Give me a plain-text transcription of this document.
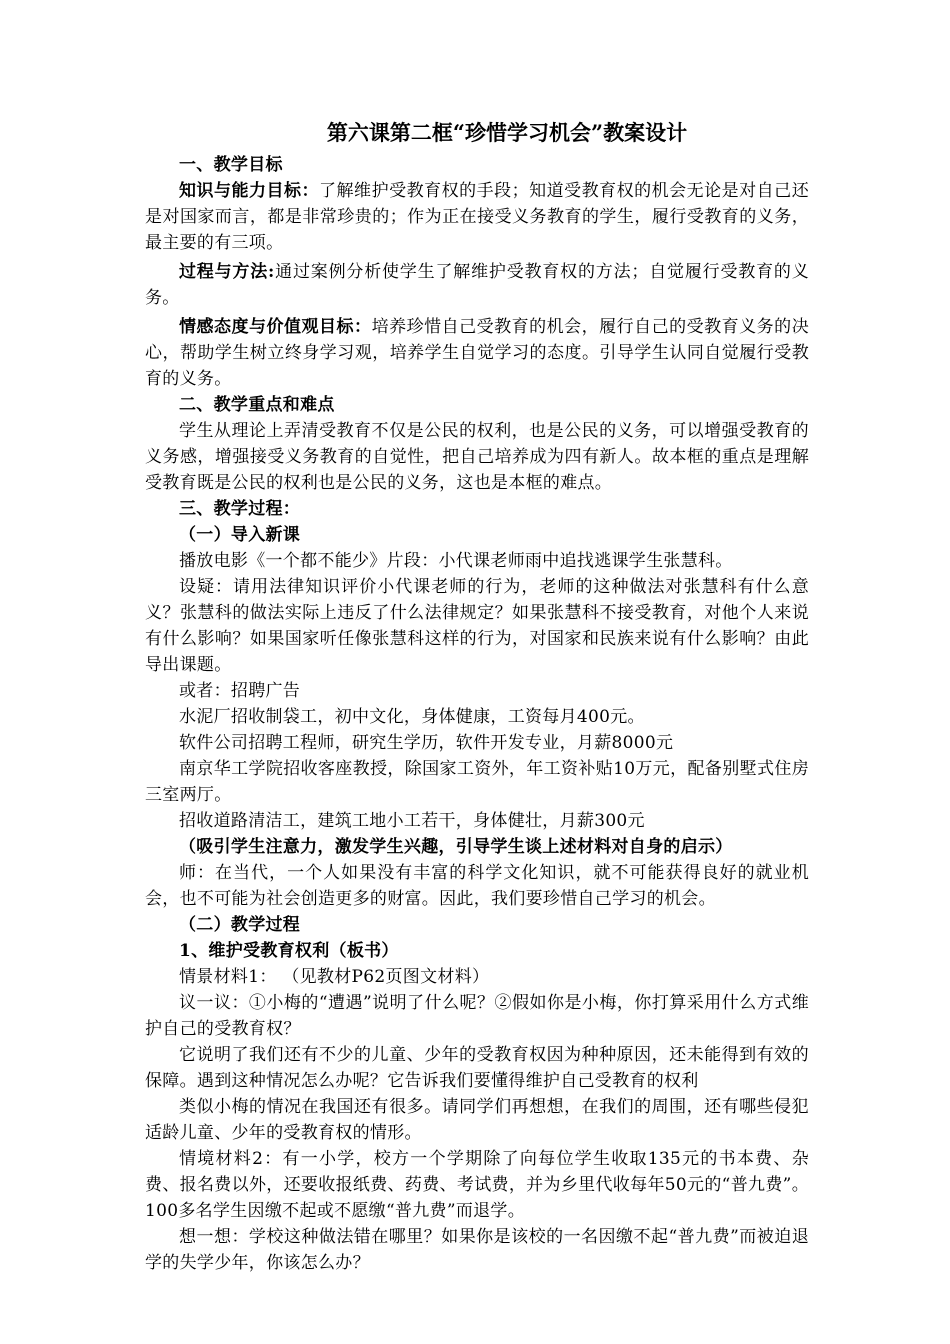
第六课第二框“珍惜学习机会”教案设计

一、教学目标

知识与能力目标：了解维护受教育权的手段；知道受教育权的机会无论是对自己还是对国家而言，都是非常珍贵的；作为正在接受义务教育的学生，履行受教育的义务，最主要的有三项。

过程与方法:通过案例分析使学生了解维护受教育权的方法；自觉履行受教育的义务。

情感态度与价值观目标：培养珍惜自己受教育的机会，履行自己的受教育义务的决心，帮助学生树立终身学习观，培养学生自觉学习的态度。引导学生认同自觉履行受教育的义务。

二、教学重点和难点

学生从理论上弄清受教育不仅是公民的权利，也是公民的义务，可以增强受教育的义务感，增强接受义务教育的自觉性，把自己培养成为四有新人。故本框的重点是理解受教育既是公民的权利也是公民的义务，这也是本框的难点。

三、教学过程：

（一）导入新课

播放电影《一个都不能少》片段：小代课老师雨中追找逃课学生张慧科。

设疑：请用法律知识评价小代课老师的行为，老师的这种做法对张慧科有什么意义？张慧科的做法实际上违反了什么法律规定？如果张慧科不接受教育，对他个人来说有什么影响？如果国家听任像张慧科这样的行为，对国家和民族来说有什么影响？由此导出课题。

或者：招聘广告

水泥厂招收制袋工，初中文化，身体健康，工资每月400元。

软件公司招聘工程师，研究生学历，软件开发专业，月薪8000元

南京华工学院招收客座教授，除国家工资外，年工资补贴10万元，配备别墅式住房三室两厅。

招收道路清洁工，建筑工地小工若干，身体健壮，月薪300元

（吸引学生注意力，激发学生兴趣，引导学生谈上述材料对自身的启示）

师：在当代，一个人如果没有丰富的科学文化知识，就不可能获得良好的就业机会，也不可能为社会创造更多的财富。因此，我们要珍惜自己学习的机会。

（二）教学过程

1、维护受教育权利（板书）

情景材料1： （见教材P62页图文材料）

议一议：①小梅的“遭遇”说明了什么呢？②假如你是小梅，你打算采用什么方式维护自己的受教育权？

它说明了我们还有不少的儿童、少年的受教育权因为种种原因，还未能得到有效的保障。遇到这种情况怎么办呢？它告诉我们要懂得维护自己受教育的权利

类似小梅的情况在我国还有很多。请同学们再想想，在我们的周围，还有哪些侵犯适龄儿童、少年的受教育权的情形。

情境材料2：有一小学，校方一个学期除了向每位学生收取135元的书本费、杂费、报名费以外，还要收报纸费、药费、考试费，并为乡里代收每年50元的“普九费”。100多名学生因缴不起或不愿缴“普九费”而退学。

想一想：学校这种做法错在哪里？如果你是该校的一名因缴不起“普九费”而被迫退学的失学少年，你该怎么办？
